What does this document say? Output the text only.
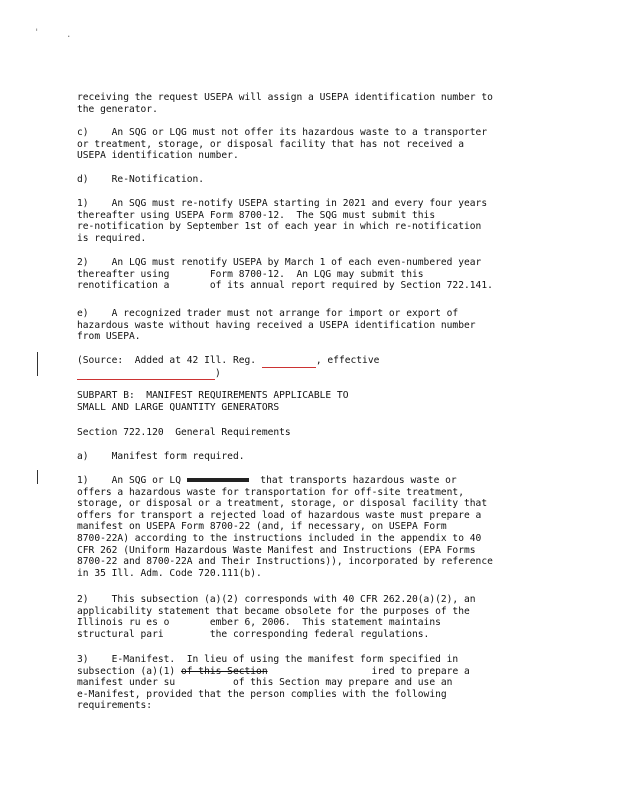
'	.

receiving the request USEPA will assign a USEPA identification number to
the generator.

c)    An SQG or LQG must not offer its hazardous waste to a transporter
or treatment, storage, or disposal facility that has not received a
USEPA identification number.

d)    Re-Notification.

1)    An SQG must re-notify USEPA starting in 2021 and every four years
thereafter using USEPA Form 8700-12.  The SQG must submit this
re-notification by September 1st of each year in which re-notification
is required.

2)    An LQG must renotify USEPA by March 1 of each even-numbered year
thereafter using       Form 8700-12.  An LQG may submit this
renotification a       of its annual report required by Section 722.141.

e)    A recognized trader must not arrange for import or export of
hazardous waste without having received a USEPA identification number
from USEPA.

(Source:  Added at 42 Ill. Reg.	, effective
)

SUBPART B:  MANIFEST REQUIREMENTS APPLICABLE TO
SMALL AND LARGE QUANTITY GENERATORS

Section 722.120  General Requirements

a)    Manifest form required.

1)    An SQG or LQ	that transports hazardous waste or
offers a hazardous waste for transportation for off-site treatment,
storage, or disposal or a treatment, storage, or disposal facility that
offers for transport a rejected load of hazardous waste must prepare a
manifest on USEPA Form 8700-22 (and, if necessary, on USEPA Form
8700-22A) according to the instructions included in the appendix to 40
CFR 262 (Uniform Hazardous Waste Manifest and Instructions (EPA Forms
8700-22 and 8700-22A and Their Instructions)), incorporated by reference
in 35 Ill. Adm. Code 720.111(b).

2)    This subsection (a)(2) corresponds with 40 CFR 262.20(a)(2), an
applicability statement that became obsolete for the purposes of the
Illinois ru es o       ember 6, 2006.  This statement maintains
structural pari        the corresponding federal regulations.

3)    E-Manifest.  In lieu of using the manifest form specified in
subsection (a)(1) of this Section	ired to prepare a
manifest under su          of this Section may prepare and use an
e-Manifest, provided that the person complies with the following
requirements:
